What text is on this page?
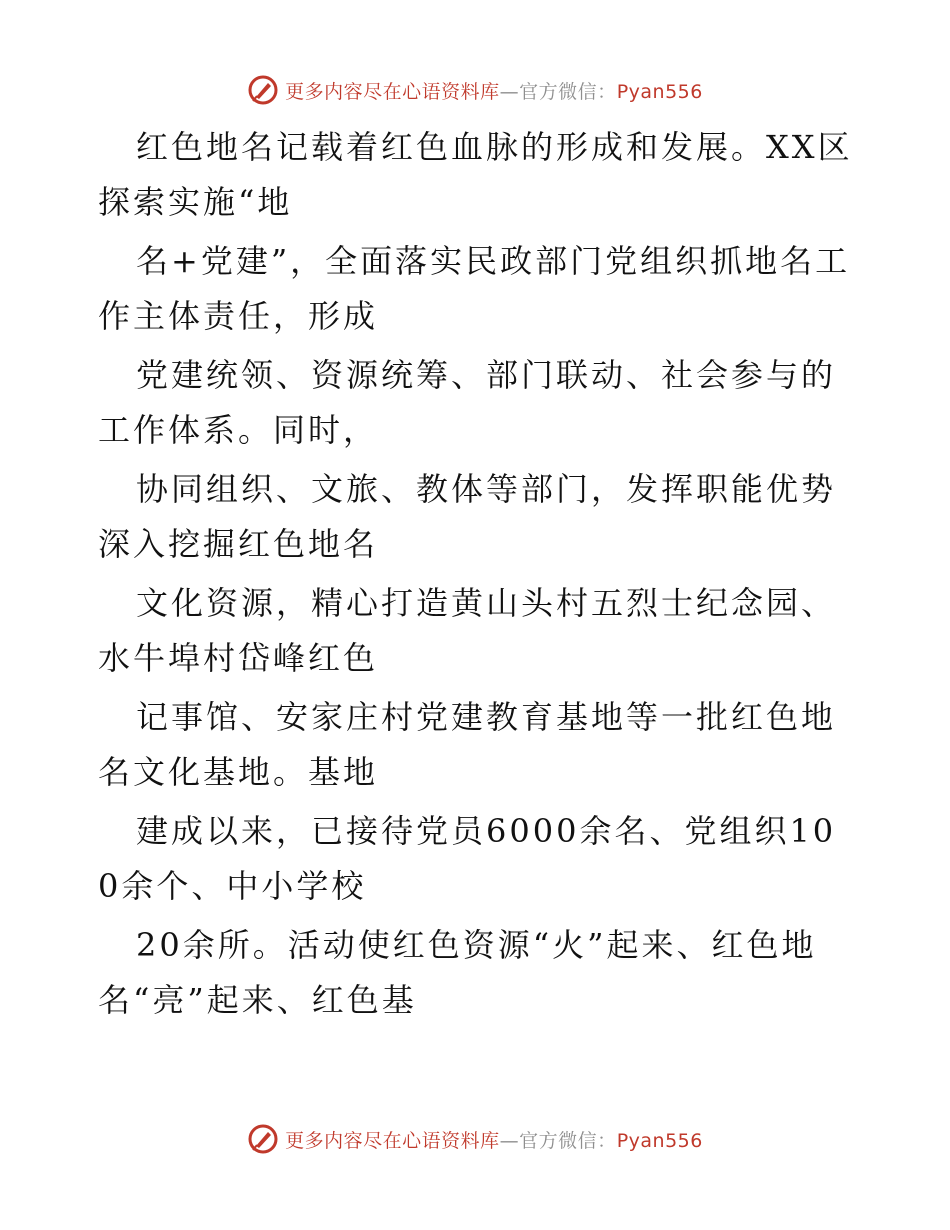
更多内容尽在心语资料库—官方微信：Pyan556

红色地名记载着红色血脉的形成和发展。XX区探索实施“地

名+党建”，全面落实民政部门党组织抓地名工作主体责任，形成

党建统领、资源统筹、部门联动、社会参与的工作体系。同时，

协同组织、文旅、教体等部门，发挥职能优势深入挖掘红色地名

文化资源，精心打造黄山头村五烈士纪念园、水牛埠村岱峰红色

记事馆、安家庄村党建教育基地等一批红色地名文化基地。基地

建成以来，已接待党员6000余名、党组织100余个、中小学校

20余所。活动使红色资源“火”起来、红色地名“亮”起来、红色基

更多内容尽在心语资料库—官方微信：Pyan556
